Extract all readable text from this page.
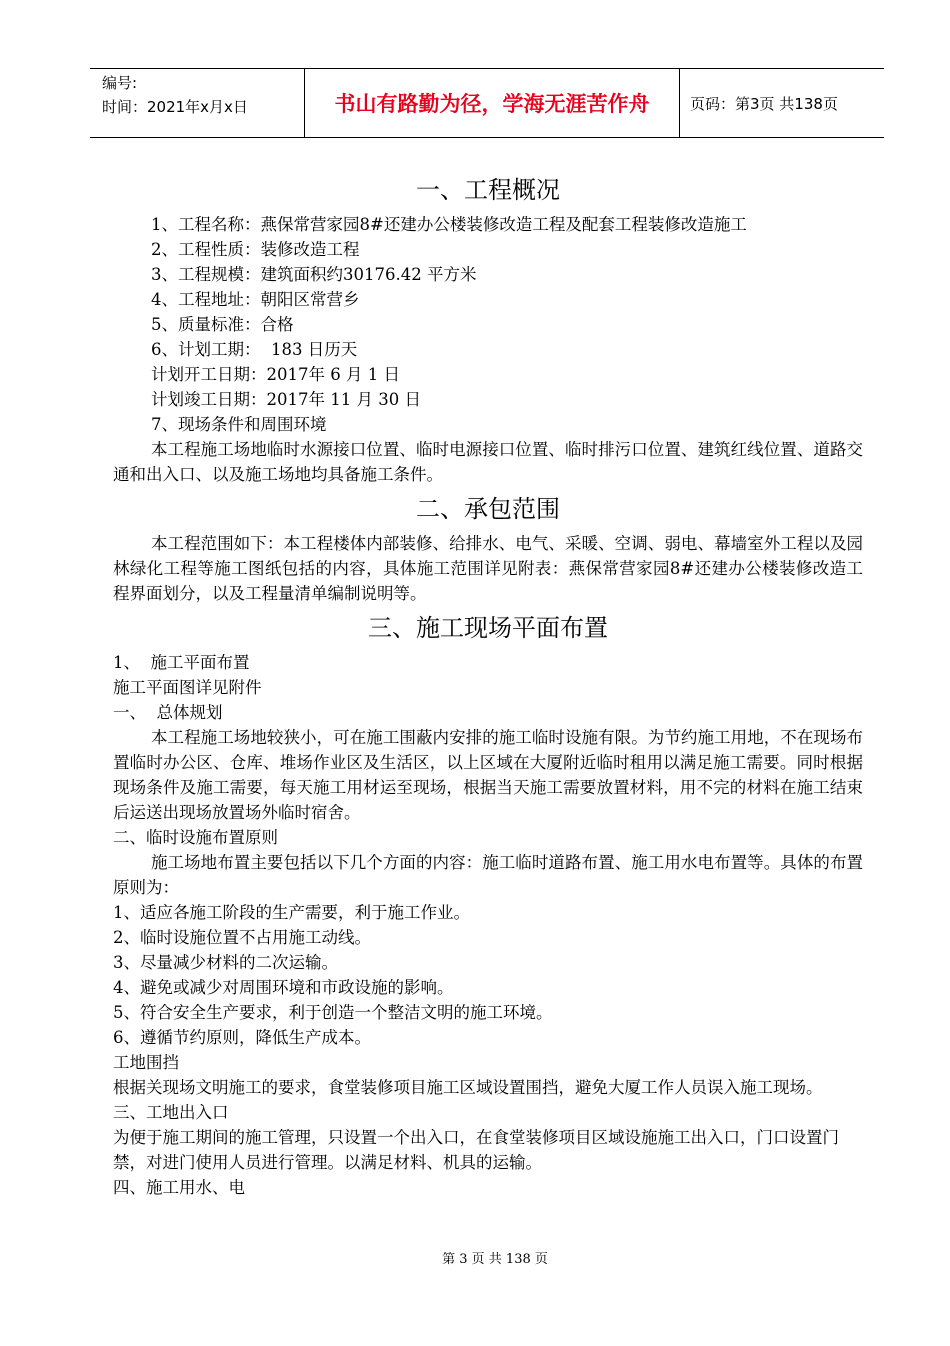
编号:
时间：2021年x月x日	书山有路勤为径，学海无涯苦作舟	页码：第3页 共138页
一、工程概况
1、工程名称：燕保常营家园8#还建办公楼装修改造工程及配套工程装修改造施工
2、工程性质：装修改造工程
3、工程规模：建筑面积约30176.42 平方米
4、工程地址：朝阳区常营乡
5、质量标准：合格
6、计划工期：  183 日历天
计划开工日期：2017年 6 月 1 日
计划竣工日期：2017年 11 月 30 日
7、现场条件和周围环境
本工程施工场地临时水源接口位置、临时电源接口位置、临时排污口位置、建筑红线位置、道路交通和出入口、以及施工场地均具备施工条件。
二、承包范围
本工程范围如下：本工程楼体内部装修、给排水、电气、采暖、空调、弱电、幕墙室外工程以及园林绿化工程等施工图纸包括的内容，具体施工范围详见附表：燕保常营家园8#还建办公楼装修改造工程界面划分，以及工程量清单编制说明等。
三、施工现场平面布置
1、  施工平面布置
施工平面图详见附件
一、  总体规划
本工程施工场地较狭小，可在施工围蔽内安排的施工临时设施有限。为节约施工用地，不在现场布置临时办公区、仓库、堆场作业区及生活区，以上区域在大厦附近临时租用以满足施工需要。同时根据现场条件及施工需要，每天施工用材运至现场，根据当天施工需要放置材料，用不完的材料在施工结束后运送出现场放置场外临时宿舍。
二、临时设施布置原则
施工场地布置主要包括以下几个方面的内容：施工临时道路布置、施工用水电布置等。具体的布置原则为：
1、适应各施工阶段的生产需要，利于施工作业。
2、临时设施位置不占用施工动线。
3、尽量减少材料的二次运输。
4、避免或减少对周围环境和市政设施的影响。
5、符合安全生产要求，利于创造一个整洁文明的施工环境。
6、遵循节约原则，降低生产成本。
工地围挡
根据关现场文明施工的要求，食堂装修项目施工区域设置围挡，避免大厦工作人员误入施工现场。
三、工地出入口
为便于施工期间的施工管理，只设置一个出入口，在食堂装修项目区域设施施工出入口，门口设置门禁，对进门使用人员进行管理。以满足材料、机具的运输。
四、施工用水、电
第 3 页 共 138 页
